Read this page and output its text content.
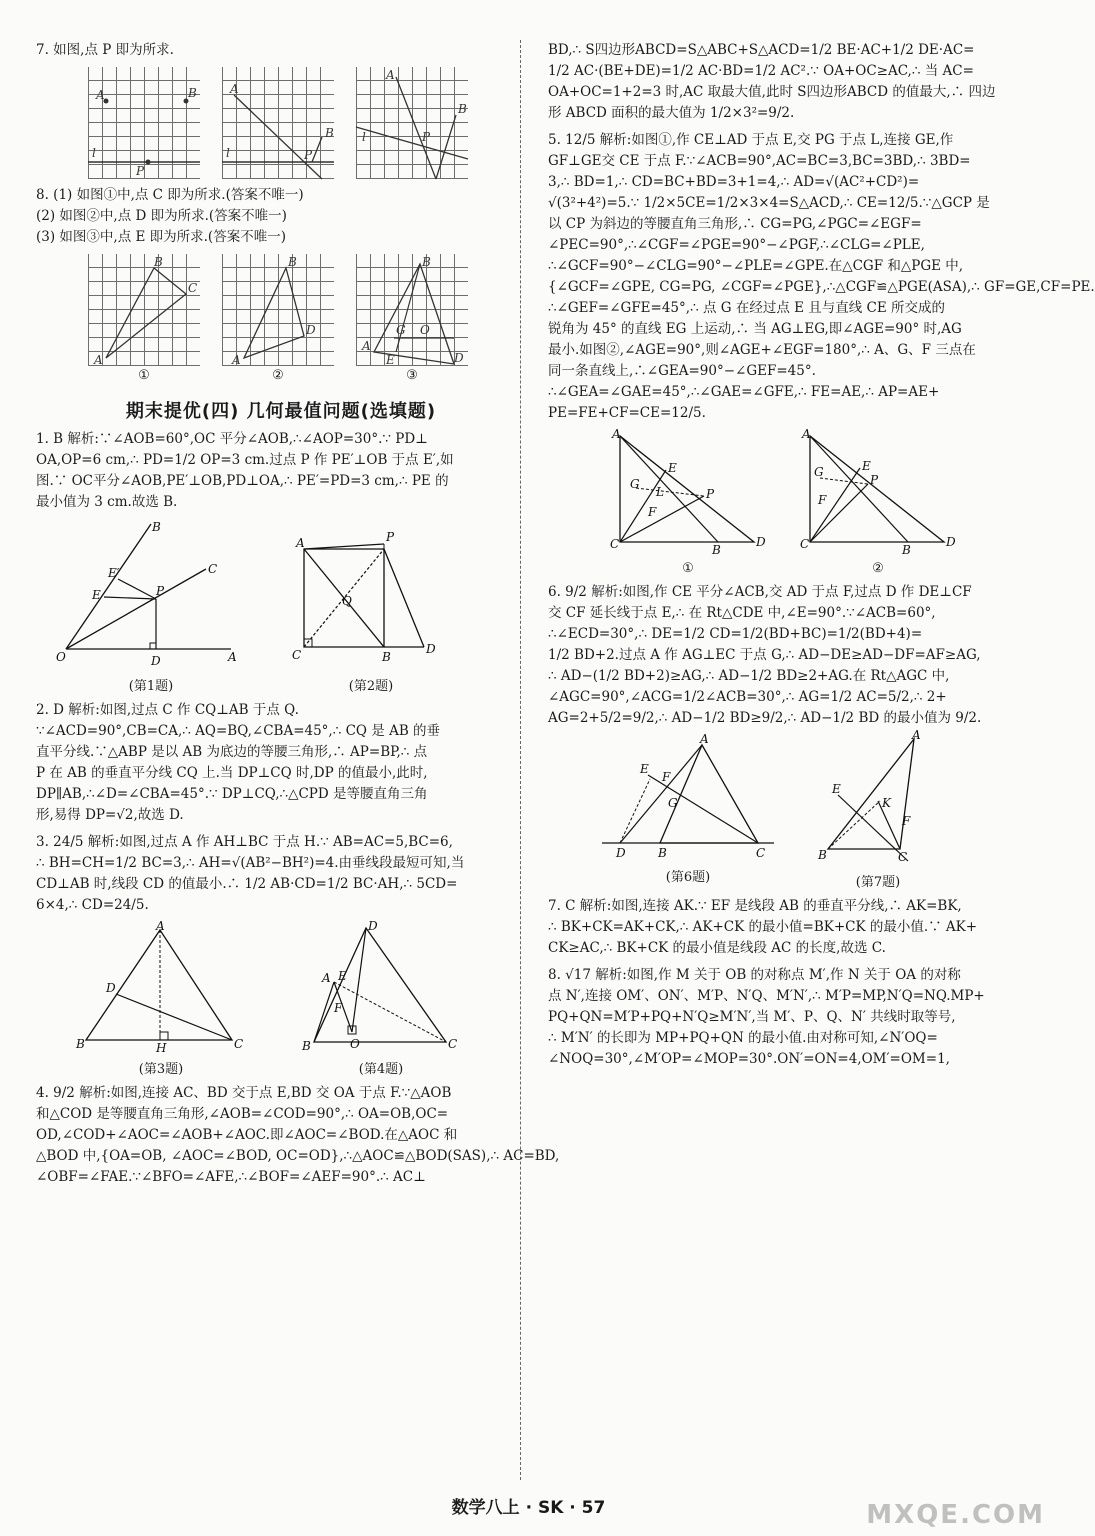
7. 如图,点 P 即为所求.

A	B
l
P
A
B
l	P
A
B
l	P

8. (1) 如图①中,点 C 即为所求.(答案不唯一)

(2) 如图②中,点 D 即为所求.(答案不唯一)

(3) 如图③中,点 E 即为所求.(答案不唯一)

A
B
C
①
A
B
D
②
A
B
G O
D
E
③
期末提优(四) 几何最值问题(选填题)

1. B 解析:∵∠AOB=60°,OC 平分∠AOB,∴∠AOP=30°.∵ PD⊥

OA,OP=6 cm,∴ PD=1/2 OP=3 cm.过点 P 作 PE′⊥OB 于点 E′,如

图.∵ OC平分∠AOB,PE′⊥OB,PD⊥OA,∴ PE′=PD=3 cm,∴ PE 的

最小值为 3 cm.故选 B.

O	A
B
C
P
D
E
E′
(第1题)
A	P
Q
C	B
D
(第2题)

2. D 解析:如图,过点 C 作 CQ⊥AB 于点 Q.

∵∠ACD=90°,CB=CA,∴ AQ=BQ,∠CBA=45°,∴ CQ 是 AB 的垂

直平分线.∵△ABP 是以 AB 为底边的等腰三角形,∴ AP=BP,∴ 点

P 在 AB 的垂直平分线 CQ 上.当 DP⊥CQ 时,DP 的值最小,此时,

DP∥AB,∴∠D=∠CBA=45°.∵ DP⊥CQ,∴△CPD 是等腰直角三角

形,易得 DP=√2,故选 D.

3. 24/5 解析:如图,过点 A 作 AH⊥BC 于点 H.∵ AB=AC=5,BC=6,

∴ BH=CH=1/2 BC=3,∴ AH=√(AB²−BH²)=4.由垂线段最短可知,当

CD⊥AB 时,线段 CD 的值最小.∴ 1/2 AB·CD=1/2 BC·AH,∴ 5CD=

6×4,∴ CD=24/5.

A
D
B	C
H
(第3题)
D
A E
F
O
B	C
(第4题)

4. 9/2 解析:如图,连接 AC、BD 交于点 E,BD 交 OA 于点 F.∵△AOB

和△COD 是等腰直角三角形,∠AOB=∠COD=90°,∴ OA=OB,OC=

OD,∠COD+∠AOC=∠AOB+∠AOC.即∠AOC=∠BOD.在△AOC 和

△BOD 中,{OA=OB, ∠AOC=∠BOD, OC=OD},∴△AOC≌△BOD(SAS),∴ AC=BD,

∠OBF=∠FAE.∵∠BFO=∠AFE,∴∠BOF=∠AEF=90°.∴ AC⊥

BD,∴ S四边形ABCD=S△ABC+S△ACD=1/2 BE·AC+1/2 DE·AC=

1/2 AC·(BE+DE)=1/2 AC·BD=1/2 AC².∵ OA+OC≥AC,∴ 当 AC=

OA+OC=1+2=3 时,AC 取最大值,此时 S四边形ABCD 的值最大,∴ 四边

形 ABCD 面积的最大值为 1/2×3²=9/2.

5. 12/5 解析:如图①,作 CE⊥AD 于点 E,交 PG 于点 L,连接 GE,作

GF⊥GE交 CE 于点 F.∵∠ACB=90°,AC=BC=3,BC=3BD,∴ 3BD=

3,∴ BD=1,∴ CD=BC+BD=3+1=4,∴ AD=√(AC²+CD²)=

√(3²+4²)=5.∵ 1/2×5CE=1/2×3×4=S△ACD,∴ CE=12/5.∵△GCP 是

以 CP 为斜边的等腰直角三角形,∴ CG=PG,∠PGC=∠EGF=

∠PEC=90°,∴∠CGF=∠PGE=90°−∠PGF,∴∠CLG=∠PLE,

∴∠GCF=90°−∠CLG=90°−∠PLE=∠GPE.在△CGF 和△PGE 中,

{∠GCF=∠GPE, CG=PG, ∠CGF=∠PGE},∴△CGF≌△PGE(ASA),∴ GF=GE,CF=PE.

∴∠GEF=∠GFE=45°,∴ 点 G 在经过点 E 且与直线 CE 所交成的

锐角为 45° 的直线 EG 上运动,∴ 当 AG⊥EG,即∠AGE=90° 时,AG

最小.如图②,∠AGE=90°,则∠AGE+∠EGF=180°,∴ A、G、F 三点在

同一条直线上,∴∠GEA=90°−∠GEF=45°.

∴∠GEA=∠GAE=45°,∴∠GAE=∠GFE,∴ FE=AE,∴ AP=AE+

PE=FE+CF=CE=12/5.

A
C	B
D
E
P
G
L
F
①
A
C	B
D
E
P
G
F
②

6. 9/2 解析:如图,作 CE 平分∠ACB,交 AD 于点 F,过点 D 作 DE⊥CF

交 CF 延长线于点 E,∴ 在 Rt△CDE 中,∠E=90°.∵∠ACB=60°,

∴∠ECD=30°,∴ DE=1/2 CD=1/2(BD+BC)=1/2(BD+4)=

1/2 BD+2.过点 A 作 AG⊥EC 于点 G,∴ AD−DE≥AD−DF=AF≥AG,

∴ AD−(1/2 BD+2)≥AG,∴ AD−1/2 BD≥2+AG.在 Rt△AGC 中,

∠AGC=90°,∠ACG=1/2∠ACB=30°,∴ AG=1/2 AC=5/2,∴ 2+

AG=2+5/2=9/2,∴ AD−1/2 BD≥9/2,∴ AD−1/2 BD 的最小值为 9/2.

A
D	B	C
E
F
G
(第6题)
A
B	C
E
K
F
(第7题)

7. C 解析:如图,连接 AK.∵ EF 是线段 AB 的垂直平分线,∴ AK=BK,

∴ BK+CK=AK+CK,∴ AK+CK 的最小值=BK+CK 的最小值.∵ AK+

CK≥AC,∴ BK+CK 的最小值是线段 AC 的长度,故选 C.

8. √17 解析:如图,作 M 关于 OB 的对称点 M′,作 N 关于 OA 的对称

点 N′,连接 OM′、ON′、M′P、N′Q、M′N′,∴ M′P=MP,N′Q=NQ.MP+

PQ+QN=M′P+PQ+N′Q≥M′N′,当 M′、P、Q、N′ 共线时取等号,

∴ M′N′ 的长即为 MP+PQ+QN 的最小值.由对称可知,∠N′OQ=

∠NOQ=30°,∠M′OP=∠MOP=30°.ON′=ON=4,OM′=OM=1,

数学八上 · SK · 57	MXQE.COM
